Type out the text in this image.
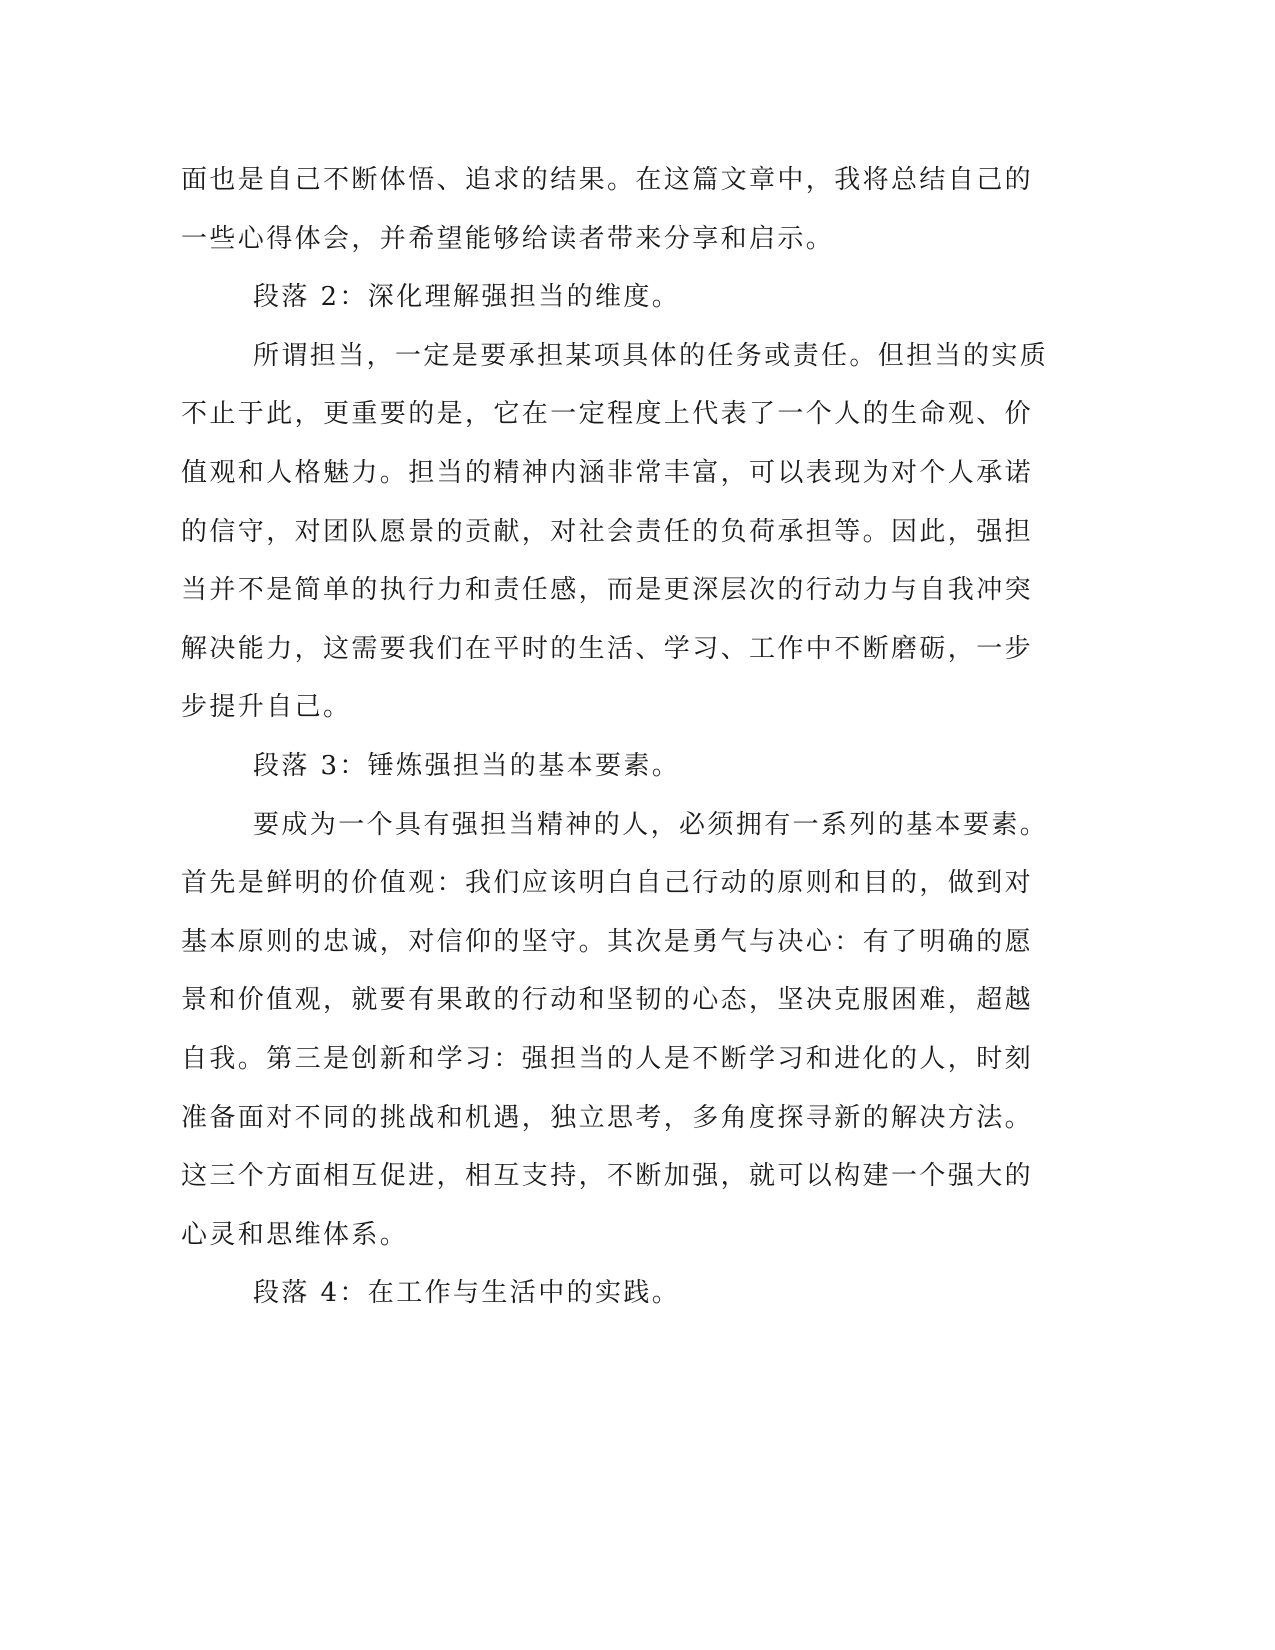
面也是自己不断体悟、追求的结果。在这篇文章中，我将总结自己的
一些心得体会，并希望能够给读者带来分享和启示。
段落 2：深化理解强担当的维度。
所谓担当，一定是要承担某项具体的任务或责任。但担当的实质
不止于此，更重要的是，它在一定程度上代表了一个人的生命观、价
值观和人格魅力。担当的精神内涵非常丰富，可以表现为对个人承诺
的信守，对团队愿景的贡献，对社会责任的负荷承担等。因此，强担
当并不是简单的执行力和责任感，而是更深层次的行动力与自我冲突
解决能力，这需要我们在平时的生活、学习、工作中不断磨砺，一步
步提升自己。
段落 3：锤炼强担当的基本要素。
要成为一个具有强担当精神的人，必须拥有一系列的基本要素。
首先是鲜明的价值观：我们应该明白自己行动的原则和目的，做到对
基本原则的忠诚，对信仰的坚守。其次是勇气与决心：有了明确的愿
景和价值观，就要有果敢的行动和坚韧的心态，坚决克服困难，超越
自我。第三是创新和学习：强担当的人是不断学习和进化的人，时刻
准备面对不同的挑战和机遇，独立思考，多角度探寻新的解决方法。
这三个方面相互促进，相互支持，不断加强，就可以构建一个强大的
心灵和思维体系。
段落 4：在工作与生活中的实践。
